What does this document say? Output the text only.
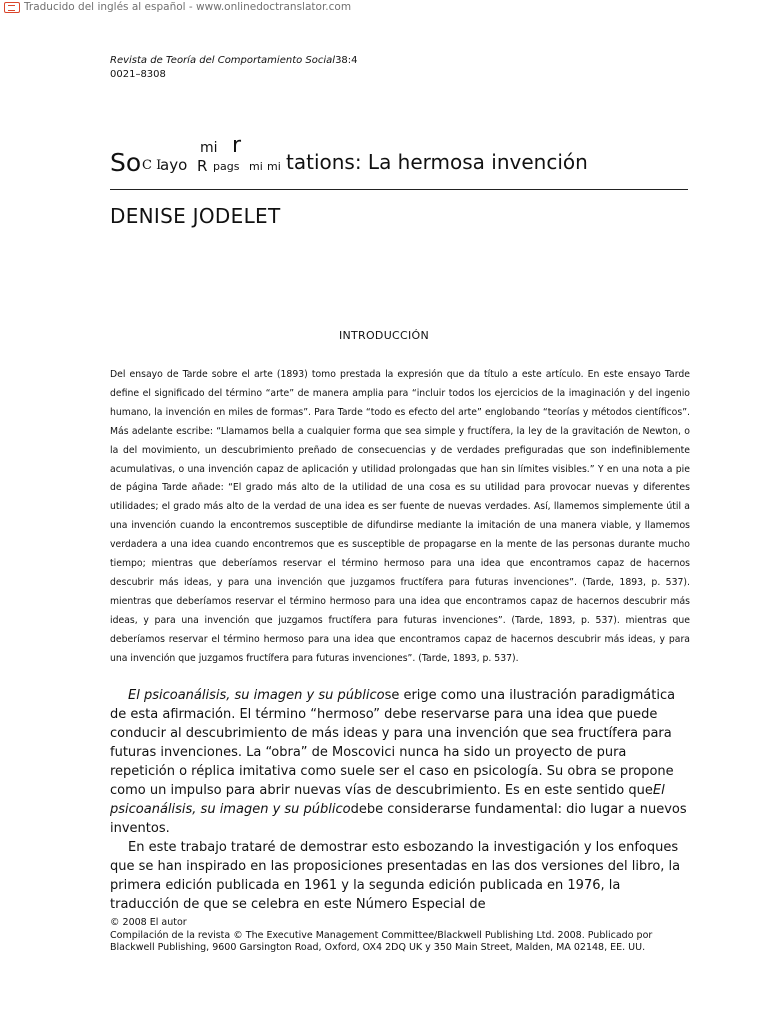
Traducido del inglés al español - www.onlinedoctranslator.com
Revista de Teoría del Comportamiento Social38:4
0021–8308
So C I
ayo
mi r
R pags mi mi tations: La hermosa invención
DENISE JODELET
INTRODUCCIÓN

Del ensayo de Tarde sobre el arte (1893) tomo prestada la expresión que da título a este artículo. En este ensayo Tarde define el significado del término “arte” de manera amplia para “incluir todos los ejercicios de la imaginación y del ingenio humano, la invención en miles de formas”. Para Tarde “todo es efecto del arte” englobando “teorías y métodos científicos”. Más adelante escribe: “Llamamos bella a cualquier forma que sea simple y fructífera, la ley de la gravitación de Newton, o la del movimiento, un descubrimiento preñado de consecuencias y de verdades prefiguradas que son indefiniblemente acumulativas, o una invención capaz de aplicación y utilidad prolongadas que han sin límites visibles.” Y en una nota a pie de página Tarde añade: “El grado más alto de la utilidad de una cosa es su utilidad para provocar nuevas y diferentes utilidades; el grado más alto de la verdad de una idea es ser fuente de nuevas verdades. Así, llamemos simplemente útil a una invención cuando la encontremos susceptible de difundirse mediante la imitación de una manera viable, y llamemos verdadera a una idea cuando encontremos que es susceptible de propagarse en la mente de las personas durante mucho tiempo; mientras que deberíamos reservar el término hermoso para una idea que encontramos capaz de hacernos descubrir más ideas, y para una invención que juzgamos fructífera para futuras invenciones”. (Tarde, 1893, p. 537). mientras que deberíamos reservar el término hermoso para una idea que encontramos capaz de hacernos descubrir más ideas, y para una invención que juzgamos fructífera para futuras invenciones”. (Tarde, 1893, p. 537). mientras que deberíamos reservar el término hermoso para una idea que encontramos capaz de hacernos descubrir más ideas, y para una invención que juzgamos fructífera para futuras invenciones”. (Tarde, 1893, p. 537).

El psicoanálisis, su imagen y su públicose erige como una ilustración paradigmática de esta afirmación. El término “hermoso” debe reservarse para una idea que puede conducir al descubrimiento de más ideas y para una invención que sea fructífera para futuras invenciones. La “obra” de Moscovici nunca ha sido un proyecto de pura repetición o réplica imitativa como suele ser el caso en psicología. Su obra se propone como un impulso para abrir nuevas vías de descubrimiento. Es en este sentido queEl psicoanálisis, su imagen y su públicodebe considerarse fundamental: dio lugar a nuevos inventos.

En este trabajo trataré de demostrar esto esbozando la investigación y los enfoques que se han inspirado en las proposiciones presentadas en las dos versiones del libro, la primera edición publicada en 1961 y la segunda edición publicada en 1976, la traducción de que se celebra en este Número Especial de

© 2008 El autor
Compilación de la revista © The Executive Management Committee/Blackwell Publishing Ltd. 2008. Publicado por Blackwell Publishing, 9600 Garsington Road, Oxford, OX4 2DQ UK y 350 Main Street, Malden, MA 02148, EE. UU.
